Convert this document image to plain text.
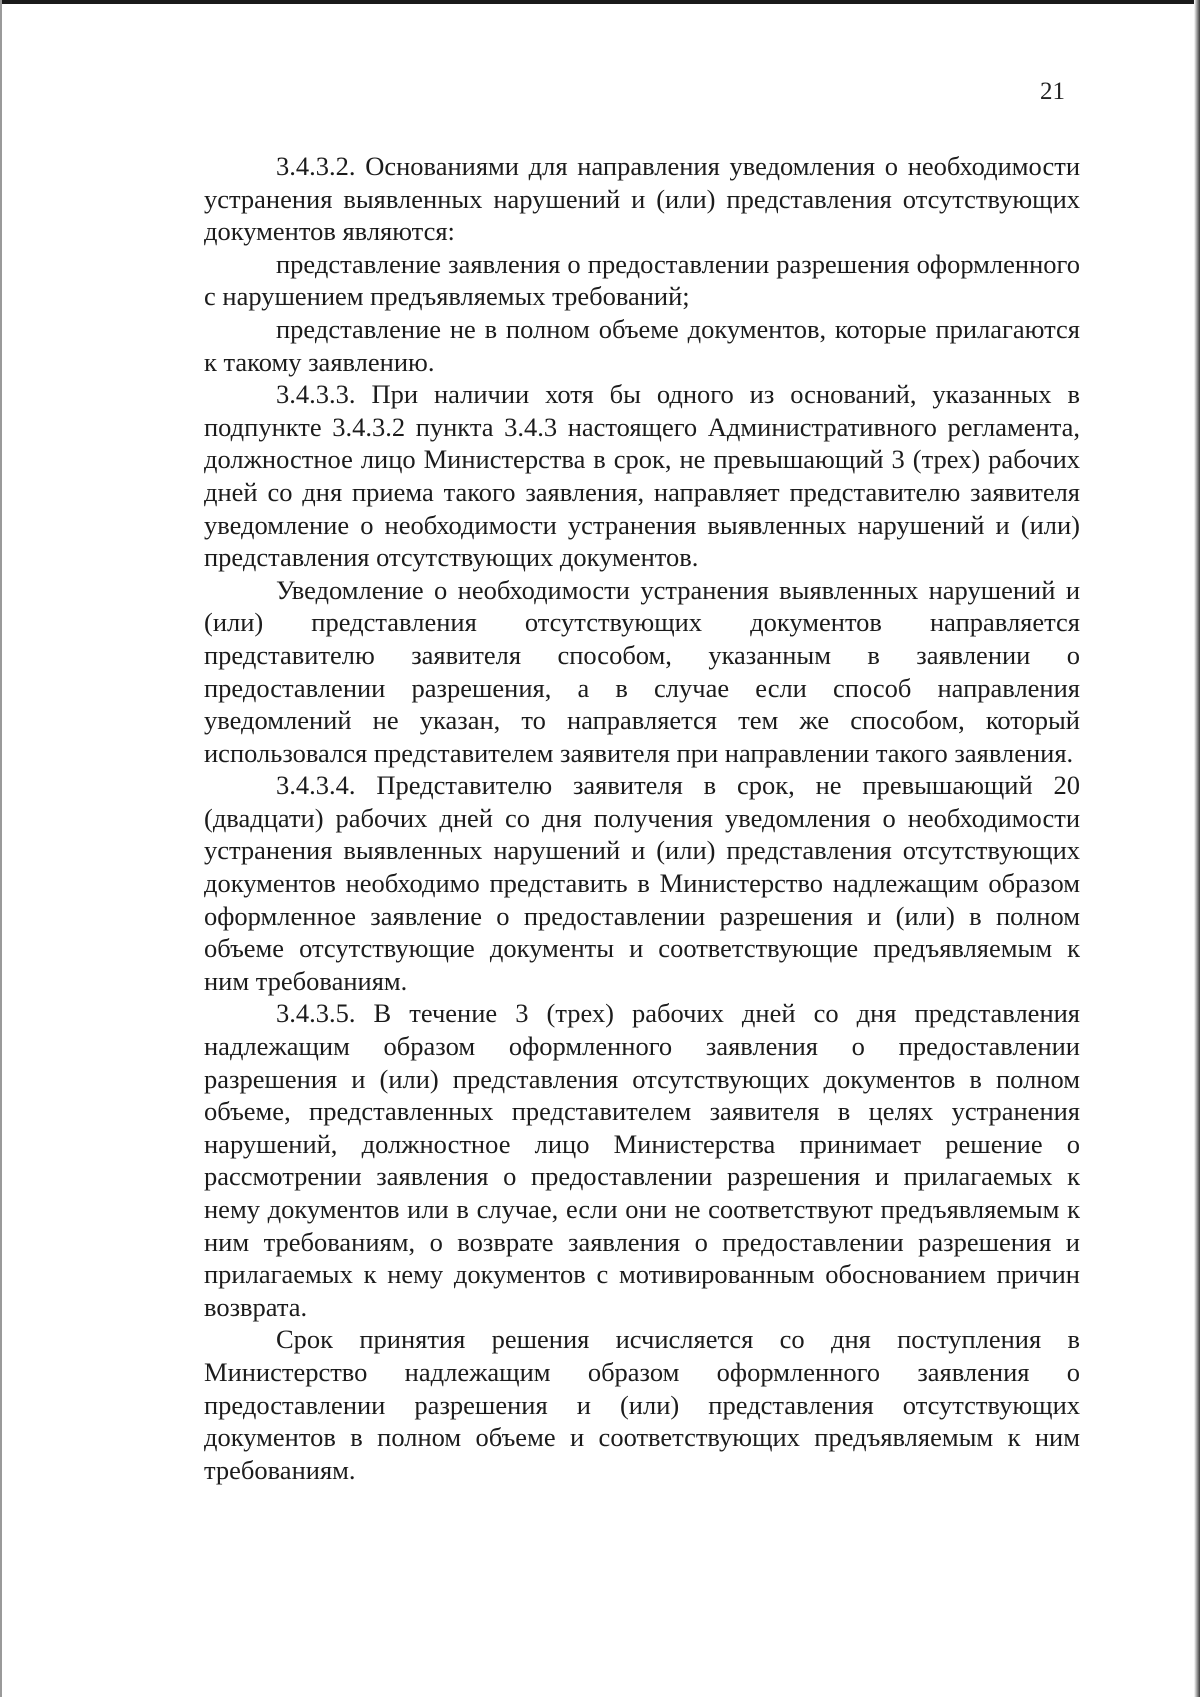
21

3.4.3.2. Основаниями для направления уведомления о необходимости устранения выявленных нарушений и (или) представления отсутствующих документов являются:

представление заявления о предоставлении разрешения оформленного с нарушением предъявляемых требований;

представление не в полном объеме документов, которые прилагаются к такому заявлению.

3.4.3.3. При наличии хотя бы одного из оснований, указанных в подпункте 3.4.3.2 пункта 3.4.3 настоящего Административного регламента, должностное лицо Министерства в срок, не превышающий 3 (трех) рабочих дней со дня приема такого заявления, направляет представителю заявителя уведомление о необходимости устранения выявленных нарушений и (или) представления отсутствующих документов.

Уведомление о необходимости устранения выявленных нарушений и (или) представления отсутствующих документов направляется представителю заявителя способом, указанным в заявлении о предоставлении разрешения, а в случае если способ направления уведомлений не указан, то направляется тем же способом, который использовался представителем заявителя при направлении такого заявления.

3.4.3.4. Представителю заявителя в срок, не превышающий 20 (двадцати) рабочих дней со дня получения уведомления о необходимости устранения выявленных нарушений и (или) представления отсутствующих документов необходимо представить в Министерство надлежащим образом оформленное заявление о предоставлении разрешения и (или) в полном объеме отсутствующие документы и соответствующие предъявляемым к ним требованиям.

3.4.3.5. В течение 3 (трех) рабочих дней со дня представления надлежащим образом оформленного заявления о предоставлении разрешения и (или) представления отсутствующих документов в полном объеме, представленных представителем заявителя в целях устранения нарушений, должностное лицо Министерства принимает решение о рассмотрении заявления о предоставлении разрешения и прилагаемых к нему документов или в случае, если они не соответствуют предъявляемым к ним требованиям, о возврате заявления о предоставлении разрешения и прилагаемых к нему документов с мотивированным обоснованием причин возврата.

Срок принятия решения исчисляется со дня поступления в Министерство надлежащим образом оформленного заявления о предоставлении разрешения и (или) представления отсутствующих документов в полном объеме и соответствующих предъявляемым к ним требованиям.
